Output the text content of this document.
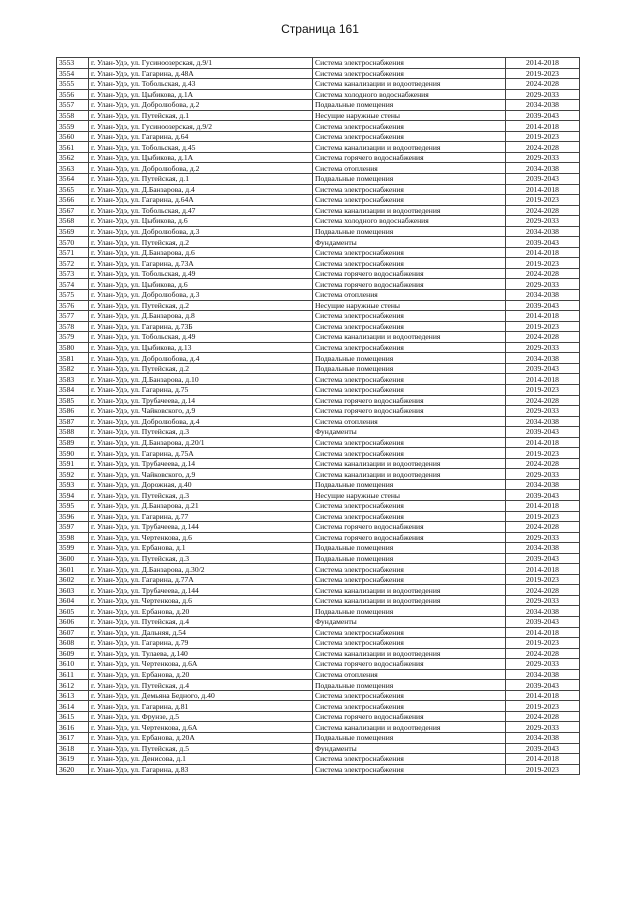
Страница 161
3553	г. Улан-Удэ, ул. Гусиноозерская, д.9/1	Система электроснабжения	2014-2018
3554	г. Улан-Удэ, ул. Гагарина, д.48А	Система электроснабжения	2019-2023
3555	г. Улан-Удэ, ул. Тобольская, д.43	Система канализации и водоотведения	2024-2028
3556	г. Улан-Удэ, ул. Цыбикова, д.1А	Система холодного водоснабжения	2029-2033
3557	г. Улан-Удэ, ул. Добролюбова, д.2	Подвальные помещения	2034-2038
3558	г. Улан-Удэ, ул. Путейская, д.1	Несущие наружные стены	2039-2043
3559	г. Улан-Удэ, ул. Гусиноозерская, д.9/2	Система электроснабжения	2014-2018
3560	г. Улан-Удэ, ул. Гагарина, д.64	Система электроснабжения	2019-2023
3561	г. Улан-Удэ, ул. Тобольская, д.45	Система канализации и водоотведения	2024-2028
3562	г. Улан-Удэ, ул. Цыбикова, д.1А	Система горячего водоснабжения	2029-2033
3563	г. Улан-Удэ, ул. Добролюбова, д.2	Система отопления	2034-2038
3564	г. Улан-Удэ, ул. Путейская, д.1	Подвальные помещения	2039-2043
3565	г. Улан-Удэ, ул. Д.Банзарова, д.4	Система электроснабжения	2014-2018
3566	г. Улан-Удэ, ул. Гагарина, д.64А	Система электроснабжения	2019-2023
3567	г. Улан-Удэ, ул. Тобольская, д.47	Система канализации и водоотведения	2024-2028
3568	г. Улан-Удэ, ул. Цыбикова, д.6	Система холодного водоснабжения	2029-2033
3569	г. Улан-Удэ, ул. Добролюбова, д.3	Подвальные помещения	2034-2038
3570	г. Улан-Удэ, ул. Путейская, д.2	Фундаменты	2039-2043
3571	г. Улан-Удэ, ул. Д.Банзарова, д.6	Система электроснабжения	2014-2018
3572	г. Улан-Удэ, ул. Гагарина, д.73А	Система электроснабжения	2019-2023
3573	г. Улан-Удэ, ул. Тобольская, д.49	Система горячего водоснабжения	2024-2028
3574	г. Улан-Удэ, ул. Цыбикова, д.6	Система горячего водоснабжения	2029-2033
3575	г. Улан-Удэ, ул. Добролюбова, д.3	Система отопления	2034-2038
3576	г. Улан-Удэ, ул. Путейская, д.2	Несущие наружные стены	2039-2043
3577	г. Улан-Удэ, ул. Д.Банзарова, д.8	Система электроснабжения	2014-2018
3578	г. Улан-Удэ, ул. Гагарина, д.73Б	Система электроснабжения	2019-2023
3579	г. Улан-Удэ, ул. Тобольская, д.49	Система канализации и водоотведения	2024-2028
3580	г. Улан-Удэ, ул. Цыбикова, д.13	Система электроснабжения	2029-2033
3581	г. Улан-Удэ, ул. Добролюбова, д.4	Подвальные помещения	2034-2038
3582	г. Улан-Удэ, ул. Путейская, д.2	Подвальные помещения	2039-2043
3583	г. Улан-Удэ, ул. Д.Банзарова, д.10	Система электроснабжения	2014-2018
3584	г. Улан-Удэ, ул. Гагарина, д.75	Система электроснабжения	2019-2023
3585	г. Улан-Удэ, ул. Трубачеева, д.14	Система горячего водоснабжения	2024-2028
3586	г. Улан-Удэ, ул. Чайковского, д.9	Система горячего водоснабжения	2029-2033
3587	г. Улан-Удэ, ул. Добролюбова, д.4	Система отопления	2034-2038
3588	г. Улан-Удэ, ул. Путейская, д.3	Фундаменты	2039-2043
3589	г. Улан-Удэ, ул. Д.Банзарова, д.20/1	Система электроснабжения	2014-2018
3590	г. Улан-Удэ, ул. Гагарина, д.75А	Система электроснабжения	2019-2023
3591	г. Улан-Удэ, ул. Трубачеева, д.14	Система канализации и водоотведения	2024-2028
3592	г. Улан-Удэ, ул. Чайковского, д.9	Система канализации и водоотведения	2029-2033
3593	г. Улан-Удэ, ул. Дорожная, д.40	Подвальные помещения	2034-2038
3594	г. Улан-Удэ, ул. Путейская, д.3	Несущие наружные стены	2039-2043
3595	г. Улан-Удэ, ул. Д.Банзарова, д.21	Система электроснабжения	2014-2018
3596	г. Улан-Удэ, ул. Гагарина, д.77	Система электроснабжения	2019-2023
3597	г. Улан-Удэ, ул. Трубачеева, д.144	Система горячего водоснабжения	2024-2028
3598	г. Улан-Удэ, ул. Чертенкова, д.6	Система горячего водоснабжения	2029-2033
3599	г. Улан-Удэ, ул. Ербанова, д.1	Подвальные помещения	2034-2038
3600	г. Улан-Удэ, ул. Путейская, д.3	Подвальные помещения	2039-2043
3601	г. Улан-Удэ, ул. Д.Банзарова, д.30/2	Система электроснабжения	2014-2018
3602	г. Улан-Удэ, ул. Гагарина, д.77А	Система электроснабжения	2019-2023
3603	г. Улан-Удэ, ул. Трубачеева, д.144	Система канализации и водоотведения	2024-2028
3604	г. Улан-Удэ, ул. Чертенкова, д.6	Система канализации и водоотведения	2029-2033
3605	г. Улан-Удэ, ул. Ербанова, д.20	Подвальные помещения	2034-2038
3606	г. Улан-Удэ, ул. Путейская, д.4	Фундаменты	2039-2043
3607	г. Улан-Удэ, ул. Дальняя, д.54	Система электроснабжения	2014-2018
3608	г. Улан-Удэ, ул. Гагарина, д.79	Система электроснабжения	2019-2023
3609	г. Улан-Удэ, ул. Тулаева, д.140	Система канализации и водоотведения	2024-2028
3610	г. Улан-Удэ, ул. Чертенкова, д.6А	Система горячего водоснабжения	2029-2033
3611	г. Улан-Удэ, ул. Ербанова, д.20	Система отопления	2034-2038
3612	г. Улан-Удэ, ул. Путейская, д.4	Подвальные помещения	2039-2043
3613	г. Улан-Удэ, ул. Демьяна Бедного, д.40	Система электроснабжения	2014-2018
3614	г. Улан-Удэ, ул. Гагарина, д.81	Система электроснабжения	2019-2023
3615	г. Улан-Удэ, ул. Фрунзе, д.5	Система горячего водоснабжения	2024-2028
3616	г. Улан-Удэ, ул. Чертенкова, д.6А	Система канализации и водоотведения	2029-2033
3617	г. Улан-Удэ, ул. Ербанова, д.20А	Подвальные помещения	2034-2038
3618	г. Улан-Удэ, ул. Путейская, д.5	Фундаменты	2039-2043
3619	г. Улан-Удэ, ул. Денисова, д.1	Система электроснабжения	2014-2018
3620	г. Улан-Удэ, ул. Гагарина, д.83	Система электроснабжения	2019-2023
